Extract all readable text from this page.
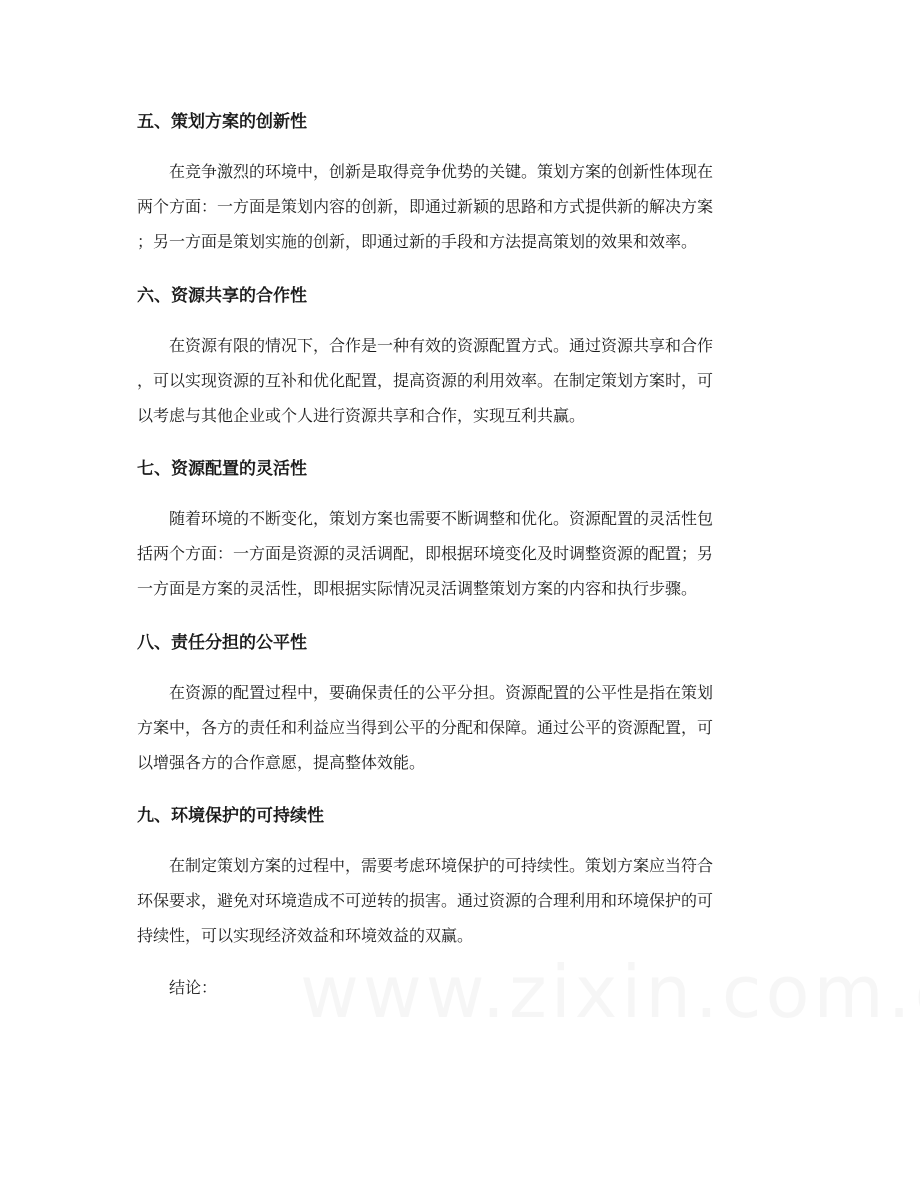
五、策划方案的创新性
在竞争激烈的环境中，创新是取得竞争优势的关键。策划方案的创新性体现在
两个方面：一方面是策划内容的创新，即通过新颖的思路和方式提供新的解决方案
；另一方面是策划实施的创新，即通过新的手段和方法提高策划的效果和效率。
六、资源共享的合作性
在资源有限的情况下，合作是一种有效的资源配置方式。通过资源共享和合作
，可以实现资源的互补和优化配置，提高资源的利用效率。在制定策划方案时，可
以考虑与其他企业或个人进行资源共享和合作，实现互利共赢。
七、资源配置的灵活性
随着环境的不断变化，策划方案也需要不断调整和优化。资源配置的灵活性包
括两个方面：一方面是资源的灵活调配，即根据环境变化及时调整资源的配置；另
一方面是方案的灵活性，即根据实际情况灵活调整策划方案的内容和执行步骤。
八、责任分担的公平性
在资源的配置过程中，要确保责任的公平分担。资源配置的公平性是指在策划
方案中，各方的责任和利益应当得到公平的分配和保障。通过公平的资源配置，可
以增强各方的合作意愿，提高整体效能。
九、环境保护的可持续性
在制定策划方案的过程中，需要考虑环境保护的可持续性。策划方案应当符合
环保要求，避免对环境造成不可逆转的损害。通过资源的合理利用和环境保护的可
持续性，可以实现经济效益和环境效益的双赢。
结论：
